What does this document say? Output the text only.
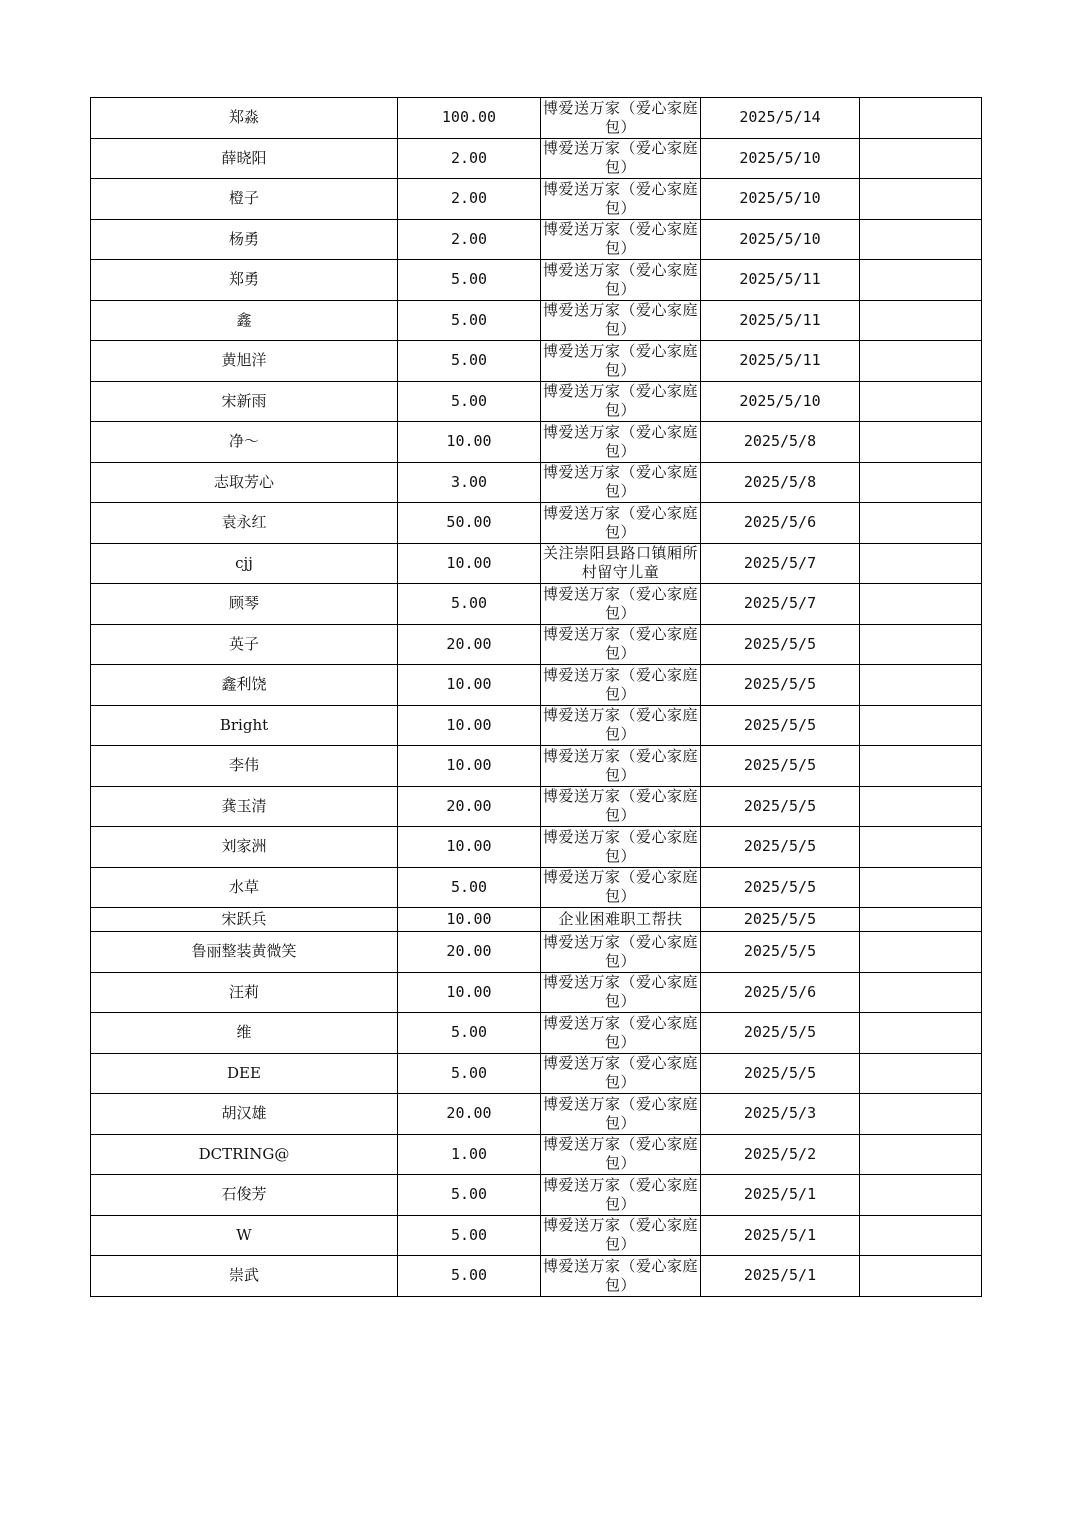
郑淼	100.00	博爱送万家（爱心家庭包）	2025/5/14	
薛晓阳	2.00	博爱送万家（爱心家庭包）	2025/5/10	
橙子	2.00	博爱送万家（爱心家庭包）	2025/5/10	
杨勇	2.00	博爱送万家（爱心家庭包）	2025/5/10	
郑勇	5.00	博爱送万家（爱心家庭包）	2025/5/11	
鑫	5.00	博爱送万家（爱心家庭包）	2025/5/11	
黄旭洋	5.00	博爱送万家（爱心家庭包）	2025/5/11	
宋新雨	5.00	博爱送万家（爱心家庭包）	2025/5/10	
净～	10.00	博爱送万家（爱心家庭包）	2025/5/8	
志取芳心	3.00	博爱送万家（爱心家庭包）	2025/5/8	
袁永红	50.00	博爱送万家（爱心家庭包）	2025/5/6	
cjj	10.00	关注崇阳县路口镇厢所村留守儿童	2025/5/7	
顾琴	5.00	博爱送万家（爱心家庭包）	2025/5/7	
英子	20.00	博爱送万家（爱心家庭包）	2025/5/5	
鑫利饶	10.00	博爱送万家（爱心家庭包）	2025/5/5	
Bright	10.00	博爱送万家（爱心家庭包）	2025/5/5	
李伟	10.00	博爱送万家（爱心家庭包）	2025/5/5	
龚玉清	20.00	博爱送万家（爱心家庭包）	2025/5/5	
刘家洲	10.00	博爱送万家（爱心家庭包）	2025/5/5	
水草	5.00	博爱送万家（爱心家庭包）	2025/5/5	
宋跃兵	10.00	企业困难职工帮扶	2025/5/5	
鲁丽整装黄微笑	20.00	博爱送万家（爱心家庭包）	2025/5/5	
汪莉	10.00	博爱送万家（爱心家庭包）	2025/5/6	
维	5.00	博爱送万家（爱心家庭包）	2025/5/5	
DEE	5.00	博爱送万家（爱心家庭包）	2025/5/5	
胡汉雄	20.00	博爱送万家（爱心家庭包）	2025/5/3	
DCTRING@	1.00	博爱送万家（爱心家庭包）	2025/5/2	
石俊芳	5.00	博爱送万家（爱心家庭包）	2025/5/1	
W	5.00	博爱送万家（爱心家庭包）	2025/5/1	
崇武	5.00	博爱送万家（爱心家庭包）	2025/5/1	
